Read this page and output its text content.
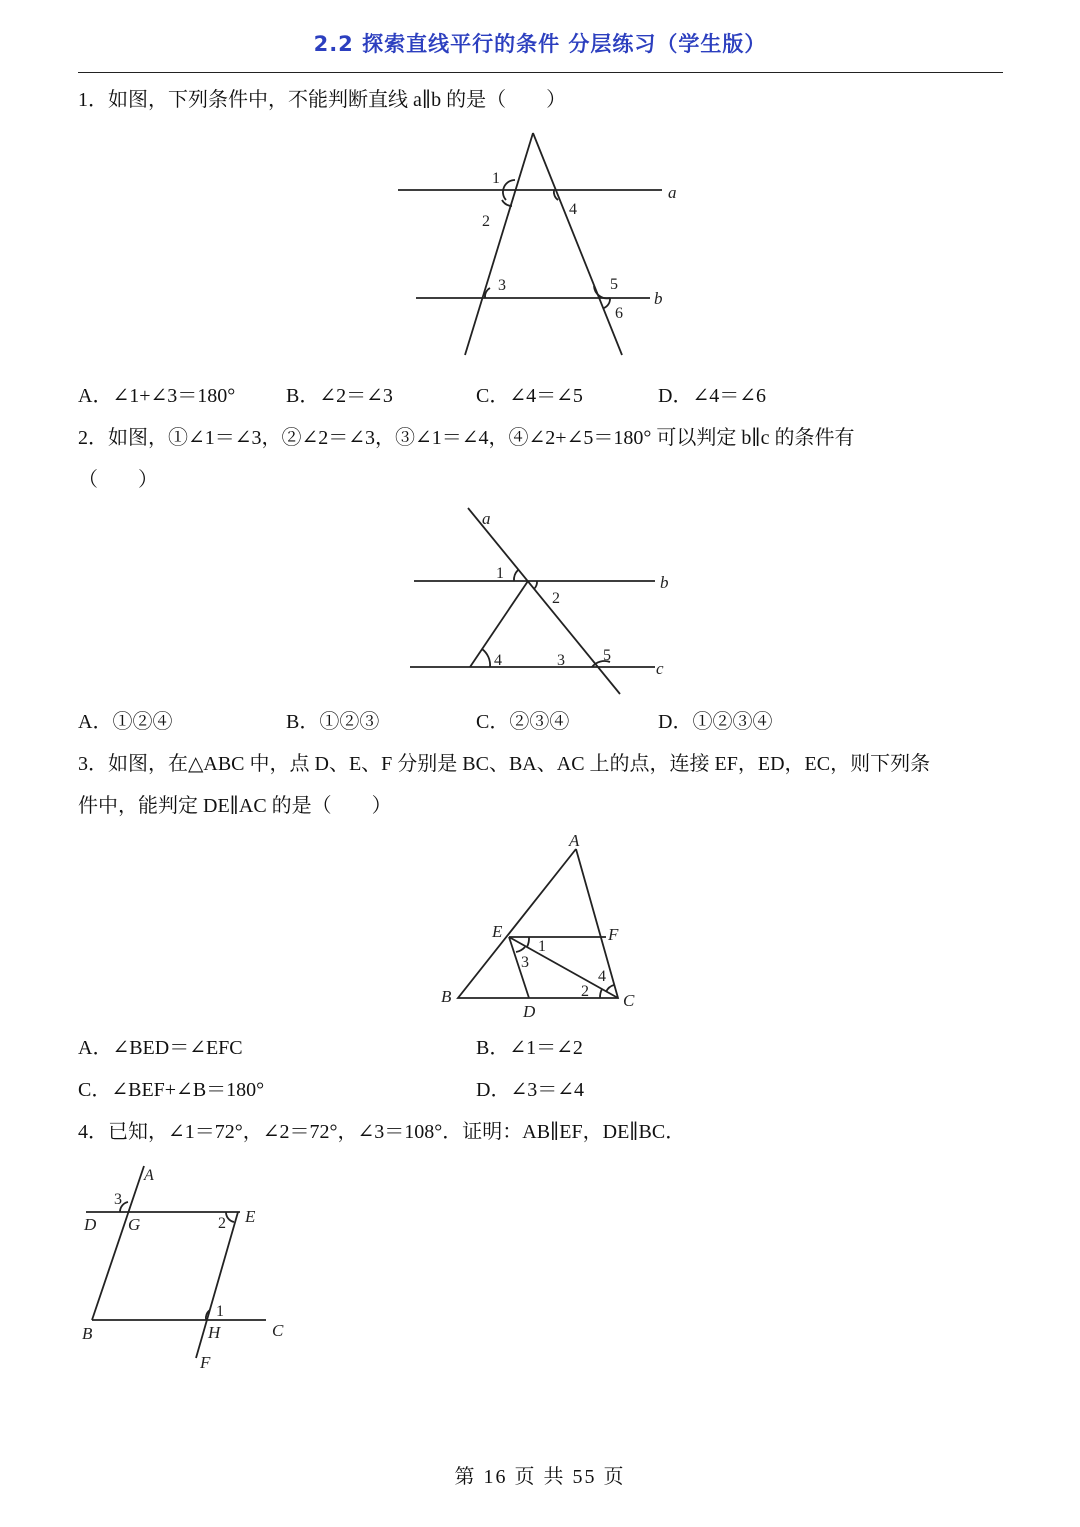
2.2 探索直线平行的条件 分层练习（学生版）
1．如图，下列条件中，不能判断直线 a∥b 的是（　　）
a
b
1
2
3
4
5
6
A．∠1+∠3＝180°	B．∠2＝∠3	C．∠4＝∠5	D．∠4＝∠6
2．如图，①∠1＝∠3，②∠2＝∠3，③∠1＝∠4，④∠2+∠5＝180° 可以判定 b∥c 的条件有
（　　）
a
b
c
1
2
3
4	5
A．①②④	B．①②③	C．②③④	D．①②③④
3．如图，在△ABC 中，点 D、E、F 分别是 BC、BA、AC 上的点，连接 EF，ED，EC，则下列条
件中，能判定 DE∥AC 的是（　　）
A
B	C
D
E	F
1
2
3
4
A．∠BED＝∠EFC	B．∠1＝∠2
C．∠BEF+∠B＝180°	D．∠3＝∠4
4．已知，∠1＝72°，∠2＝72°，∠3＝108°．证明：AB∥EF，DE∥BC．
A
3
D G	2 E
1
B	H	C
F
第 16 页 共 55 页
